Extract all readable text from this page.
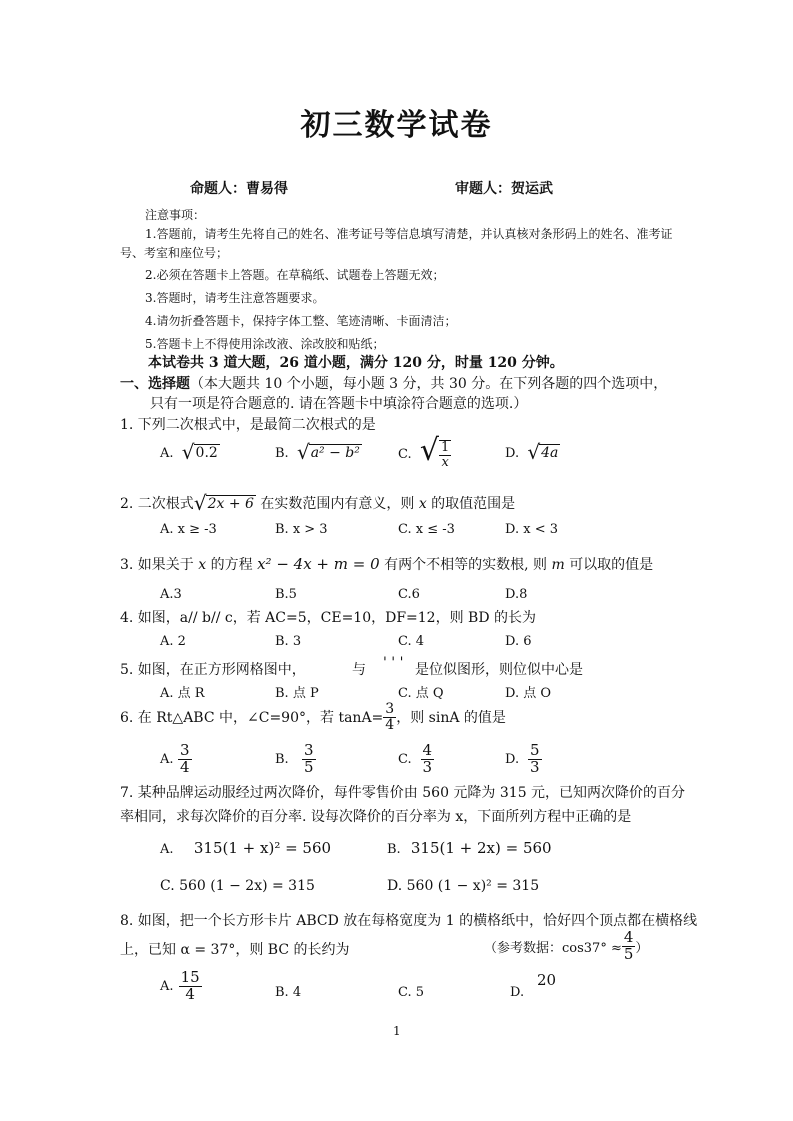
初三数学试卷
命题人：曹易得	审题人：贺运武
注意事项：
1.答题前，请考生先将自己的姓名、准考证号等信息填写清楚，并认真核对条形码上的姓名、准考证
号、考室和座位号；
2.必须在答题卡上答题。在草稿纸、试题卷上答题无效；
3.答题时，请考生注意答题要求。
4.请勿折叠答题卡，保持字体工整、笔迹清晰、卡面清洁；
5.答题卡上不得使用涂改液、涂改胶和贴纸；
本试卷共 3 道大题，26 道小题，满分 120 分，时量 120 分钟。
一、选择题（本大题共 10 个小题，每小题 3 分，共 30 分。在下列各题的四个选项中，
只有一项是符合题意的. 请在答题卡中填涂符合题意的选项.）
1. 下列二次根式中，是最简二次根式的是
A. √0.2	B. √a² − b²	C. √ $\frac{1}{x}$	D. √4a
2. 二次根式√2x + 6 在实数范围内有意义，则 x 的取值范围是
A. x ≥ -3	B. x > 3	C. x ≤ -3	D. x < 3
3. 如果关于 x 的方程 x² − 4x + m = 0 有两个不相等的实数根, 则 m 可以取的值是
A.3	B.5	C.6	D.8
4. 如图，a// b// c，若 AC=5，CE=10，DF=12，则 BD 的长为
A. 2	B. 3	C. 4	D. 6
5. 如图，在正方形网格图中，	与 ' ' ' 是位似图形，则位似中心是
A. 点 R	B. 点 P	C. 点 Q	D. 点 O
6. 在 Rt△ABC 中，∠C=90°，若 $\tan A= \frac{3}{4}$ ，则 sinA 的值是
A. $\frac{3}{4}$	B. $\frac{3}{5}$	C. $\frac{4}{3}$	D. $\frac{5}{3}$
7. 某种品牌运动服经过两次降价，每件零售价由 560 元降为 315 元，已知两次降价的百分
率相同，求每次降价的百分率. 设每次降价的百分率为 x，下面所列方程中正确的是
A. 315(1 + x)² = 560	B. 315(1 + 2x) = 560
C. 560 (1 − 2x) = 315	D. 560 (1 − x)² = 315
8. 如图，把一个长方形卡片 ABCD 放在每格宽度为 1 的横格纸中，恰好四个顶点都在横格线
上，已知 α = 37°，则 BC 的长约为	（参考数据：$\cos 37^\circ \approx \frac{4}{5}$ ）
A. $\frac{15}{4}$	B. 4	C. 5	D.
20
1
